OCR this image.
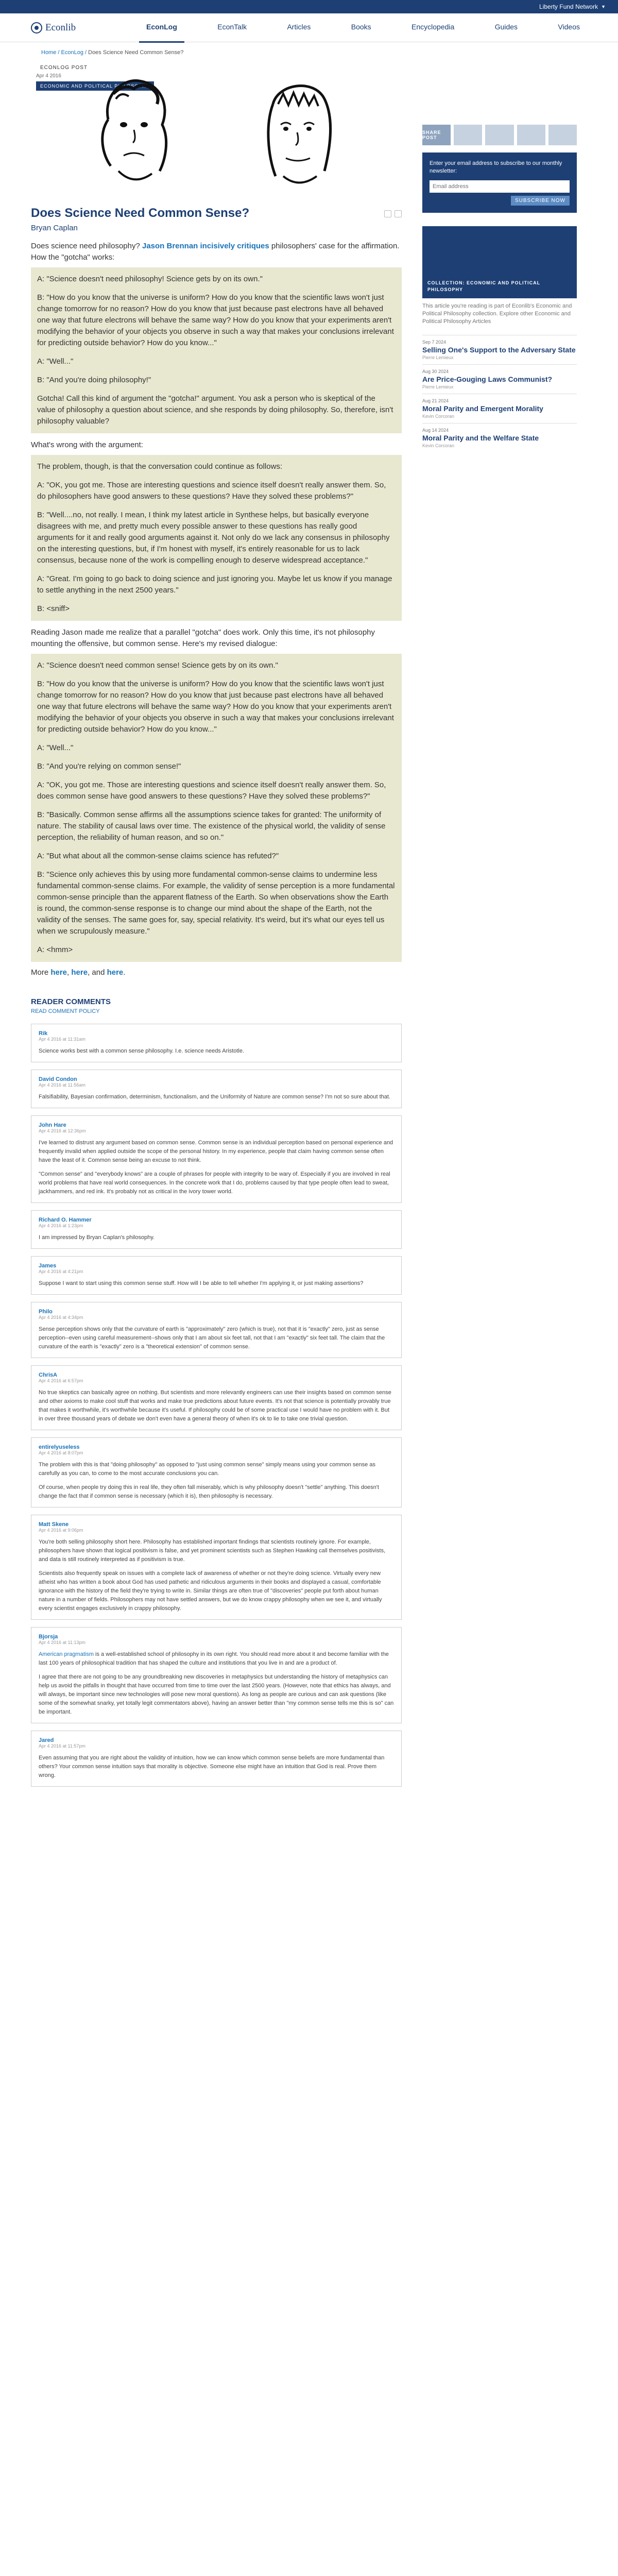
Liberty Fund Network ▼
Econlib	EconLog	EconTalk	Articles	Books	Encyclopedia	Guides	Videos
Home / EconLog / Does Science Need Common Sense?
ECONLOG POST
ECONOMIC AND POLITICAL PHILOSOPHY
Apr 4 2016
Does Science Need Common Sense?
Bryan Caplan

Does science need philosophy? Jason Brennan incisively critiques philosophers' case for the affirmation. How the "gotcha" works:

A: "Science doesn't need philosophy! Science gets by on its own."

B: "How do you know that the universe is uniform? How do you know that the scientific laws won't just change tomorrow for no reason? How do you know that just because past electrons have all behaved one way that future electrons will behave the same way? How do you know that your experiments aren't modifying the behavior of your objects you observe in such a way that makes your conclusions irrelevant for predicting outside behavior? How do you know..."

A: "Well..."

B: "And you're doing philosophy!"

Gotcha! Call this kind of argument the "gotcha!" argument. You ask a person who is skeptical of the value of philosophy a question about science, and she responds by doing philosophy. So, therefore, isn't philosophy valuable?

What's wrong with the argument:

The problem, though, is that the conversation could continue as follows:

A: "OK, you got me. Those are interesting questions and science itself doesn't really answer them. So, do philosophers have good answers to these questions? Have they solved these problems?"

B: "Well....no, not really. I mean, I think my latest article in Synthese helps, but basically everyone disagrees with me, and pretty much every possible answer to these questions has really good arguments for it and really good arguments against it. Not only do we lack any consensus in philosophy on the interesting questions, but, if I'm honest with myself, it's entirely reasonable for us to lack consensus, because none of the work is compelling enough to deserve widespread acceptance."

A: "Great. I'm going to go back to doing science and just ignoring you. Maybe let us know if you manage to settle anything in the next 2500 years."

B: <sniff>

Reading Jason made me realize that a parallel "gotcha" does work. Only this time, it's not philosophy mounting the offensive, but common sense. Here's my revised dialogue:

A: "Science doesn't need common sense! Science gets by on its own."

B: "How do you know that the universe is uniform? How do you know that the scientific laws won't just change tomorrow for no reason? How do you know that just because past electrons have all behaved one way that future electrons will behave the same way? How do you know that your experiments aren't modifying the behavior of your objects you observe in such a way that makes your conclusions irrelevant for predicting outside behavior? How do you know..."

A: "Well..."

B: "And you're relying on common sense!"

A: "OK, you got me. Those are interesting questions and science itself doesn't really answer them. So, does common sense have good answers to these questions? Have they solved these problems?"

B: "Basically. Common sense affirms all the assumptions science takes for granted: The uniformity of nature. The stability of causal laws over time. The existence of the physical world, the validity of sense perception, the reliability of human reason, and so on."

A: "But what about all the common-sense claims science has refuted?"

B: "Science only achieves this by using more fundamental common-sense claims to undermine less fundamental common-sense claims. For example, the validity of sense perception is a more fundamental common-sense principle than the apparent flatness of the Earth. So when observations show the Earth is round, the common-sense response is to change our mind about the shape of the Earth, not the validity of the senses. The same goes for, say, special relativity. It's weird, but it's what our eyes tell us when we scrupulously measure."

A: <hmm>

More here, here, and here.

READER COMMENTS
READ COMMENT POLICY
Rik
Apr 4 2016 at 11:31am

Science works best with a common sense philosophy. I.e. science needs Aristotle.

David Condon
Apr 4 2016 at 11:56am

Falsifiability, Bayesian confirmation, determinism, functionalism, and the Uniformity of Nature are common sense? I'm not so sure about that.

John Hare
Apr 4 2016 at 12:36pm

I've learned to distrust any argument based on common sense. Common sense is an individual perception based on personal experience and frequently invalid when applied outside the scope of the personal history. In my experience, people that claim having common sense often have the least of it. Common sense being an excuse to not think.

"Common sense" and "everybody knows" are a couple of phrases for people with integrity to be wary of. Especially if you are involved in real world problems that have real world consequences. In the concrete work that I do, problems caused by that type people often lead to sweat, jackhammers, and red ink. It's probably not as critical in the ivory tower world.

Richard O. Hammer
Apr 4 2016 at 1:23pm

I am impressed by Bryan Caplan's philosophy.

James
Apr 4 2016 at 4:21pm

Suppose I want to start using this common sense stuff. How will I be able to tell whether I'm applying it, or just making assertions?

Philo
Apr 4 2016 at 4:34pm

Sense perception shows only that the curvature of earth is "approximately" zero (which is true), not that it is "exactly" zero, just as sense perception--even using careful measurement--shows only that I am about six feet tall, not that I am "exactly" six feet tall. The claim that the curvature of the earth is "exactly" zero is a "theoretical extension" of common sense.

ChrisA
Apr 4 2016 at 6:57pm

No true skeptics can basically agree on nothing. But scientists and more relevantly engineers can use their insights based on common sense and other axioms to make cool stuff that works and make true predictions about future events. It's not that science is potentially provably true that makes it worthwhile, it's worthwhile because it's useful. If philosophy could be of some practical use I would have no problem with it. But in over three thousand years of debate we don't even have a general theory of when it's ok to lie to take one trivial question.

entirelyuseless
Apr 4 2016 at 8:07pm

The problem with this is that "doing philosophy" as opposed to "just using common sense" simply means using your common sense as carefully as you can, to come to the most accurate conclusions you can.

Of course, when people try doing this in real life, they often fall miserably, which is why philosophy doesn't "settle" anything. This doesn't change the fact that if common sense is necessary (which it is), then philosophy is necessary.

Matt Skene
Apr 4 2016 at 9:06pm

You're both selling philosophy short here. Philosophy has established important findings that scientists routinely ignore. For example, philosophers have shown that logical positivism is false, and yet prominent scientists such as Stephen Hawking call themselves positivists, and data is still routinely interpreted as if positivism is true.

Scientists also frequently speak on issues with a complete lack of awareness of whether or not they're doing science. Virtually every new atheist who has written a book about God has used pathetic and ridiculous arguments in their books and displayed a casual, comfortable ignorance with the history of the field they're trying to write in. Similar things are often true of "discoveries" people put forth about human nature in a number of fields. Philosophers may not have settled answers, but we do know crappy philosophy when we see it, and virtually every scientist engages exclusively in crappy philosophy.

Bjorsja
Apr 4 2016 at 11:13pm

American pragmatism is a well-established school of philosophy in its own right. You should read more about it and become familiar with the last 100 years of philosophical tradition that has shaped the culture and institutions that you live in and are a product of.

I agree that there are not going to be any groundbreaking new discoveries in metaphysics but understanding the history of metaphysics can help us avoid the pitfalls in thought that have occurred from time to time over the last 2500 years. (However, note that ethics has always, and will always, be important since new technologies will pose new moral questions). As long as people are curious and can ask questions (like some of the somewhat snarky, yet totally legit commentators above), having an answer better than "my common sense tells me this is so" can be important.

Jared
Apr 4 2016 at 11:57pm

Even assuming that you are right about the validity of intuition, how we can know which common sense beliefs are more fundamental than others? Your common sense intuition says that morality is objective. Someone else might have an intuition that God is real. Prove them wrong.

SHARE POST
Enter your email address to subscribe to our monthly newsletter:
Email address
SUBSCRIBE NOW
COLLECTION: ECONOMIC AND POLITICAL PHILOSOPHY
This article you're reading is part of Econlib's Economic and Political Philosophy collection. Explore other Economic and Political Philosophy Articles
Sep 7 2024
Selling One's Support to the Adversary State
Pierre Lemieux
Aug 30 2024
Are Price-Gouging Laws Communist?
Pierre Lemieux
Aug 21 2024
Moral Parity and Emergent Morality
Kevin Corcoran
Aug 14 2024
Moral Parity and the Welfare State
Kevin Corcoran
